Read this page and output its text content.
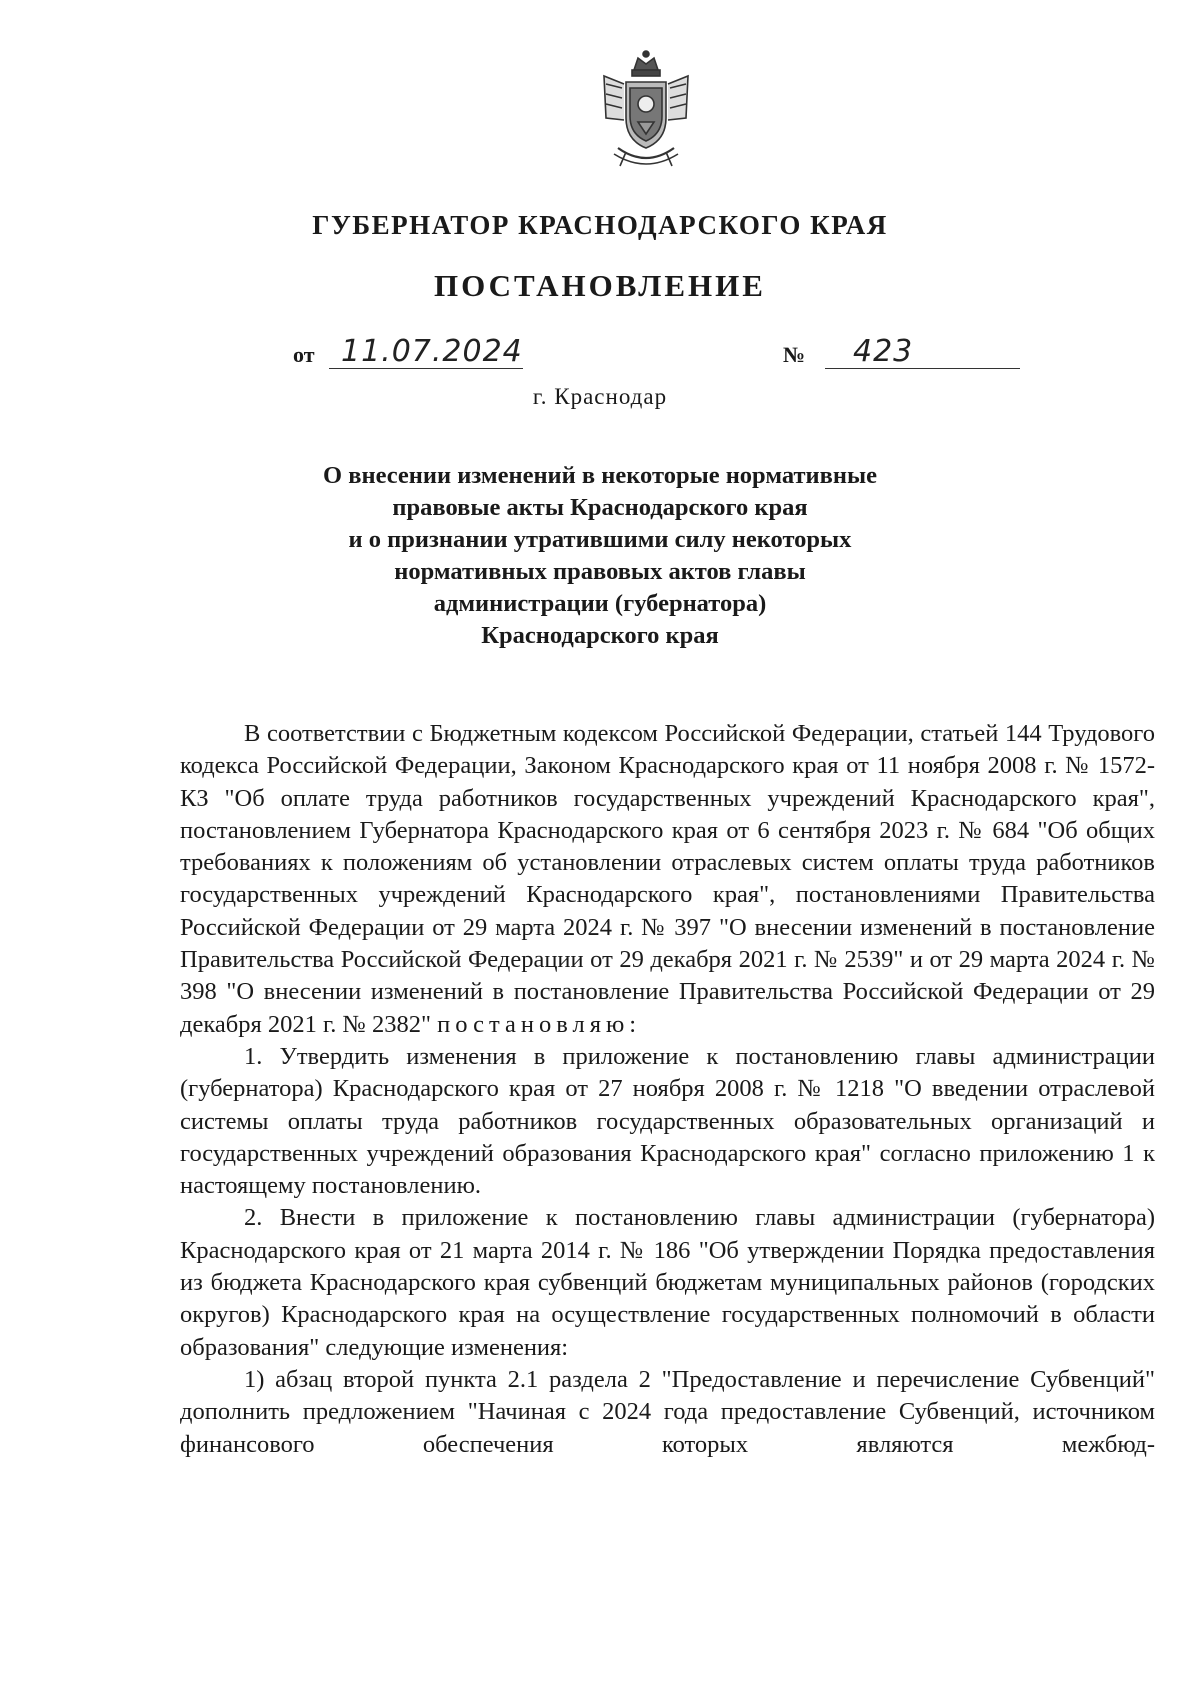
ГУБЕРНАТОР КРАСНОДАРСКОГО КРАЯ
ПОСТАНОВЛЕНИЕ
от 11.07.2024	№ 423
г. Краснодар
О внесении изменений в некоторые нормативные
правовые акты Краснодарского края
и о признании утратившими силу некоторых
нормативных правовых актов главы
администрации (губернатора)
Краснодарского края

В соответствии с Бюджетным кодексом Российской Федерации, статьей 144 Трудового кодекса Российской Федерации, Законом Краснодарского края от 11 ноября 2008 г. № 1572-КЗ "Об оплате труда работников государственных учреждений Краснодарского края", постановлением Губернатора Краснодарского края от 6 сентября 2023 г. № 684 "Об общих требованиях к положениям об установлении отраслевых систем оплаты труда работников государственных учреждений Краснодарского края", постановлениями Правительства Российской Федерации от 29 марта 2024 г. № 397 "О внесении изменений в постановление Правительства Российской Федерации от 29 декабря 2021 г. № 2539" и от 29 марта 2024 г. № 398 "О внесении изменений в постановление Правительства Российской Федерации от 29 декабря 2021 г. № 2382" постановляю:

1. Утвердить изменения в приложение к постановлению главы администрации (губернатора) Краснодарского края от 27 ноября 2008 г. № 1218 "О введении отраслевой системы оплаты труда работников государственных образовательных организаций и государственных учреждений образования Краснодарского края" согласно приложению 1 к настоящему постановлению.

2. Внести в приложение к постановлению главы администрации (губернатора) Краснодарского края от 21 марта 2014 г. № 186 "Об утверждении Порядка предоставления из бюджета Краснодарского края субвенций бюджетам муниципальных районов (городских округов) Краснодарского края на осуществление государственных полномочий в области образования" следующие изменения:

1) абзац второй пункта 2.1 раздела 2 "Предоставление и перечисление Субвенций" дополнить предложением "Начиная с 2024 года предоставление Субвенций, источником финансового обеспечения которых являются межбюд-
